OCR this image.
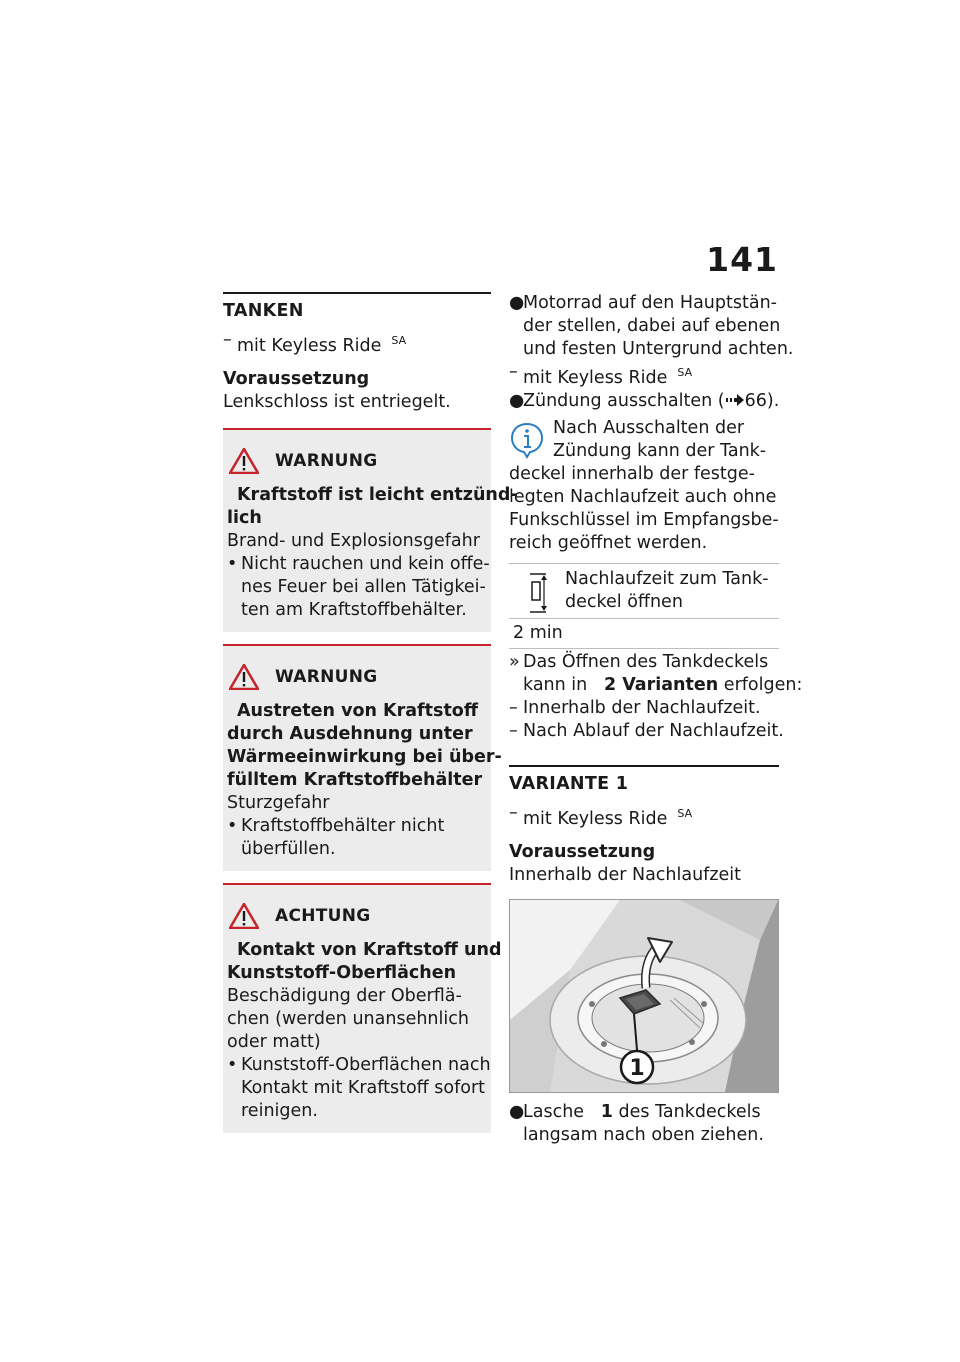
141
TANKEN
– mit Keyless Ride $^{SA}$
Voraussetzung
Lenkschloss ist entriegelt.
WARNUNG
Kraftstoff ist leicht entzünd-
lich
Brand- und Explosionsgefahr
• Nicht rauchen und kein offe-
nes Feuer bei allen Tätigkei-
ten am Kraftstoffbehälter.
WARNUNG
Austreten von Kraftstoff
durch Ausdehnung unter
Wärmeeinwirkung bei über-
fülltem Kraftstoffbehälter
Sturzgefahr
• Kraftstoffbehälter nicht
überfüllen.
ACHTUNG
Kontakt von Kraftstoff und
Kunststoff-Oberflächen
Beschädigung der Oberflä-
chen (werden unansehnlich
oder matt)
• Kunststoff-Oberflächen nach
Kontakt mit Kraftstoff sofort
reinigen.
●
Motorrad auf den Hauptstän-
der stellen, dabei auf ebenen
und festen Untergrund achten.
– mit Keyless Ride $^{SA}$
●
Zündung ausschalten ( 66).
Nach Ausschalten der
Zündung kann der Tank-
deckel innerhalb der festge-
legten Nachlaufzeit auch ohne
Funkschlüssel im Empfangsbe-
reich geöffnet werden.
Nachlaufzeit zum Tank-
deckel öffnen
2 min
» Das Öffnen des Tankdeckels
kann in 2 Varianten erfolgen:
– Innerhalb der Nachlaufzeit.
– Nach Ablauf der Nachlaufzeit.
VARIANTE 1
– mit Keyless Ride $^{SA}$
Voraussetzung
Innerhalb der Nachlaufzeit
1
●
Lasche 1 des Tankdeckels
langsam nach oben ziehen.
